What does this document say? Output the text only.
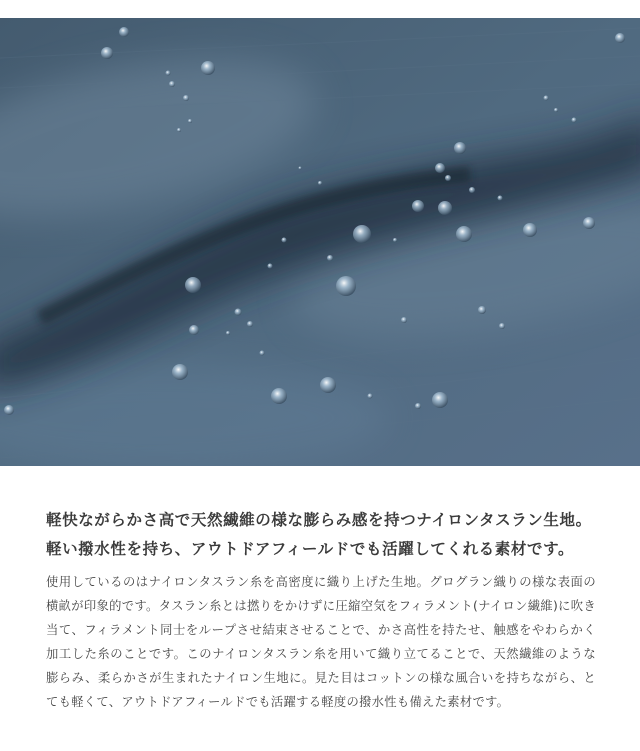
軽快ながらかさ高で天然繊維の様な膨らみ感を持つナイロンタスラン生地。
軽い撥水性を持ち、アウトドアフィールドでも活躍してくれる素材です。

使用しているのはナイロンタスラン糸を高密度に織り上げた生地。グログラン織りの様な表面の横畝が印象的です。タスラン糸とは撚りをかけずに圧縮空気をフィラメント(ナイロン繊維)に吹き当て、フィラメント同士をループさせ結束させることで、かさ高性を持たせ、触感をやわらかく加工した糸のことです。このナイロンタスラン糸を用いて織り立てることで、天然繊維のような膨らみ、柔らかさが生まれたナイロン生地に。見た目はコットンの様な風合いを持ちながら、とても軽くて、アウトドアフィールドでも活躍する軽度の撥水性も備えた素材です。
